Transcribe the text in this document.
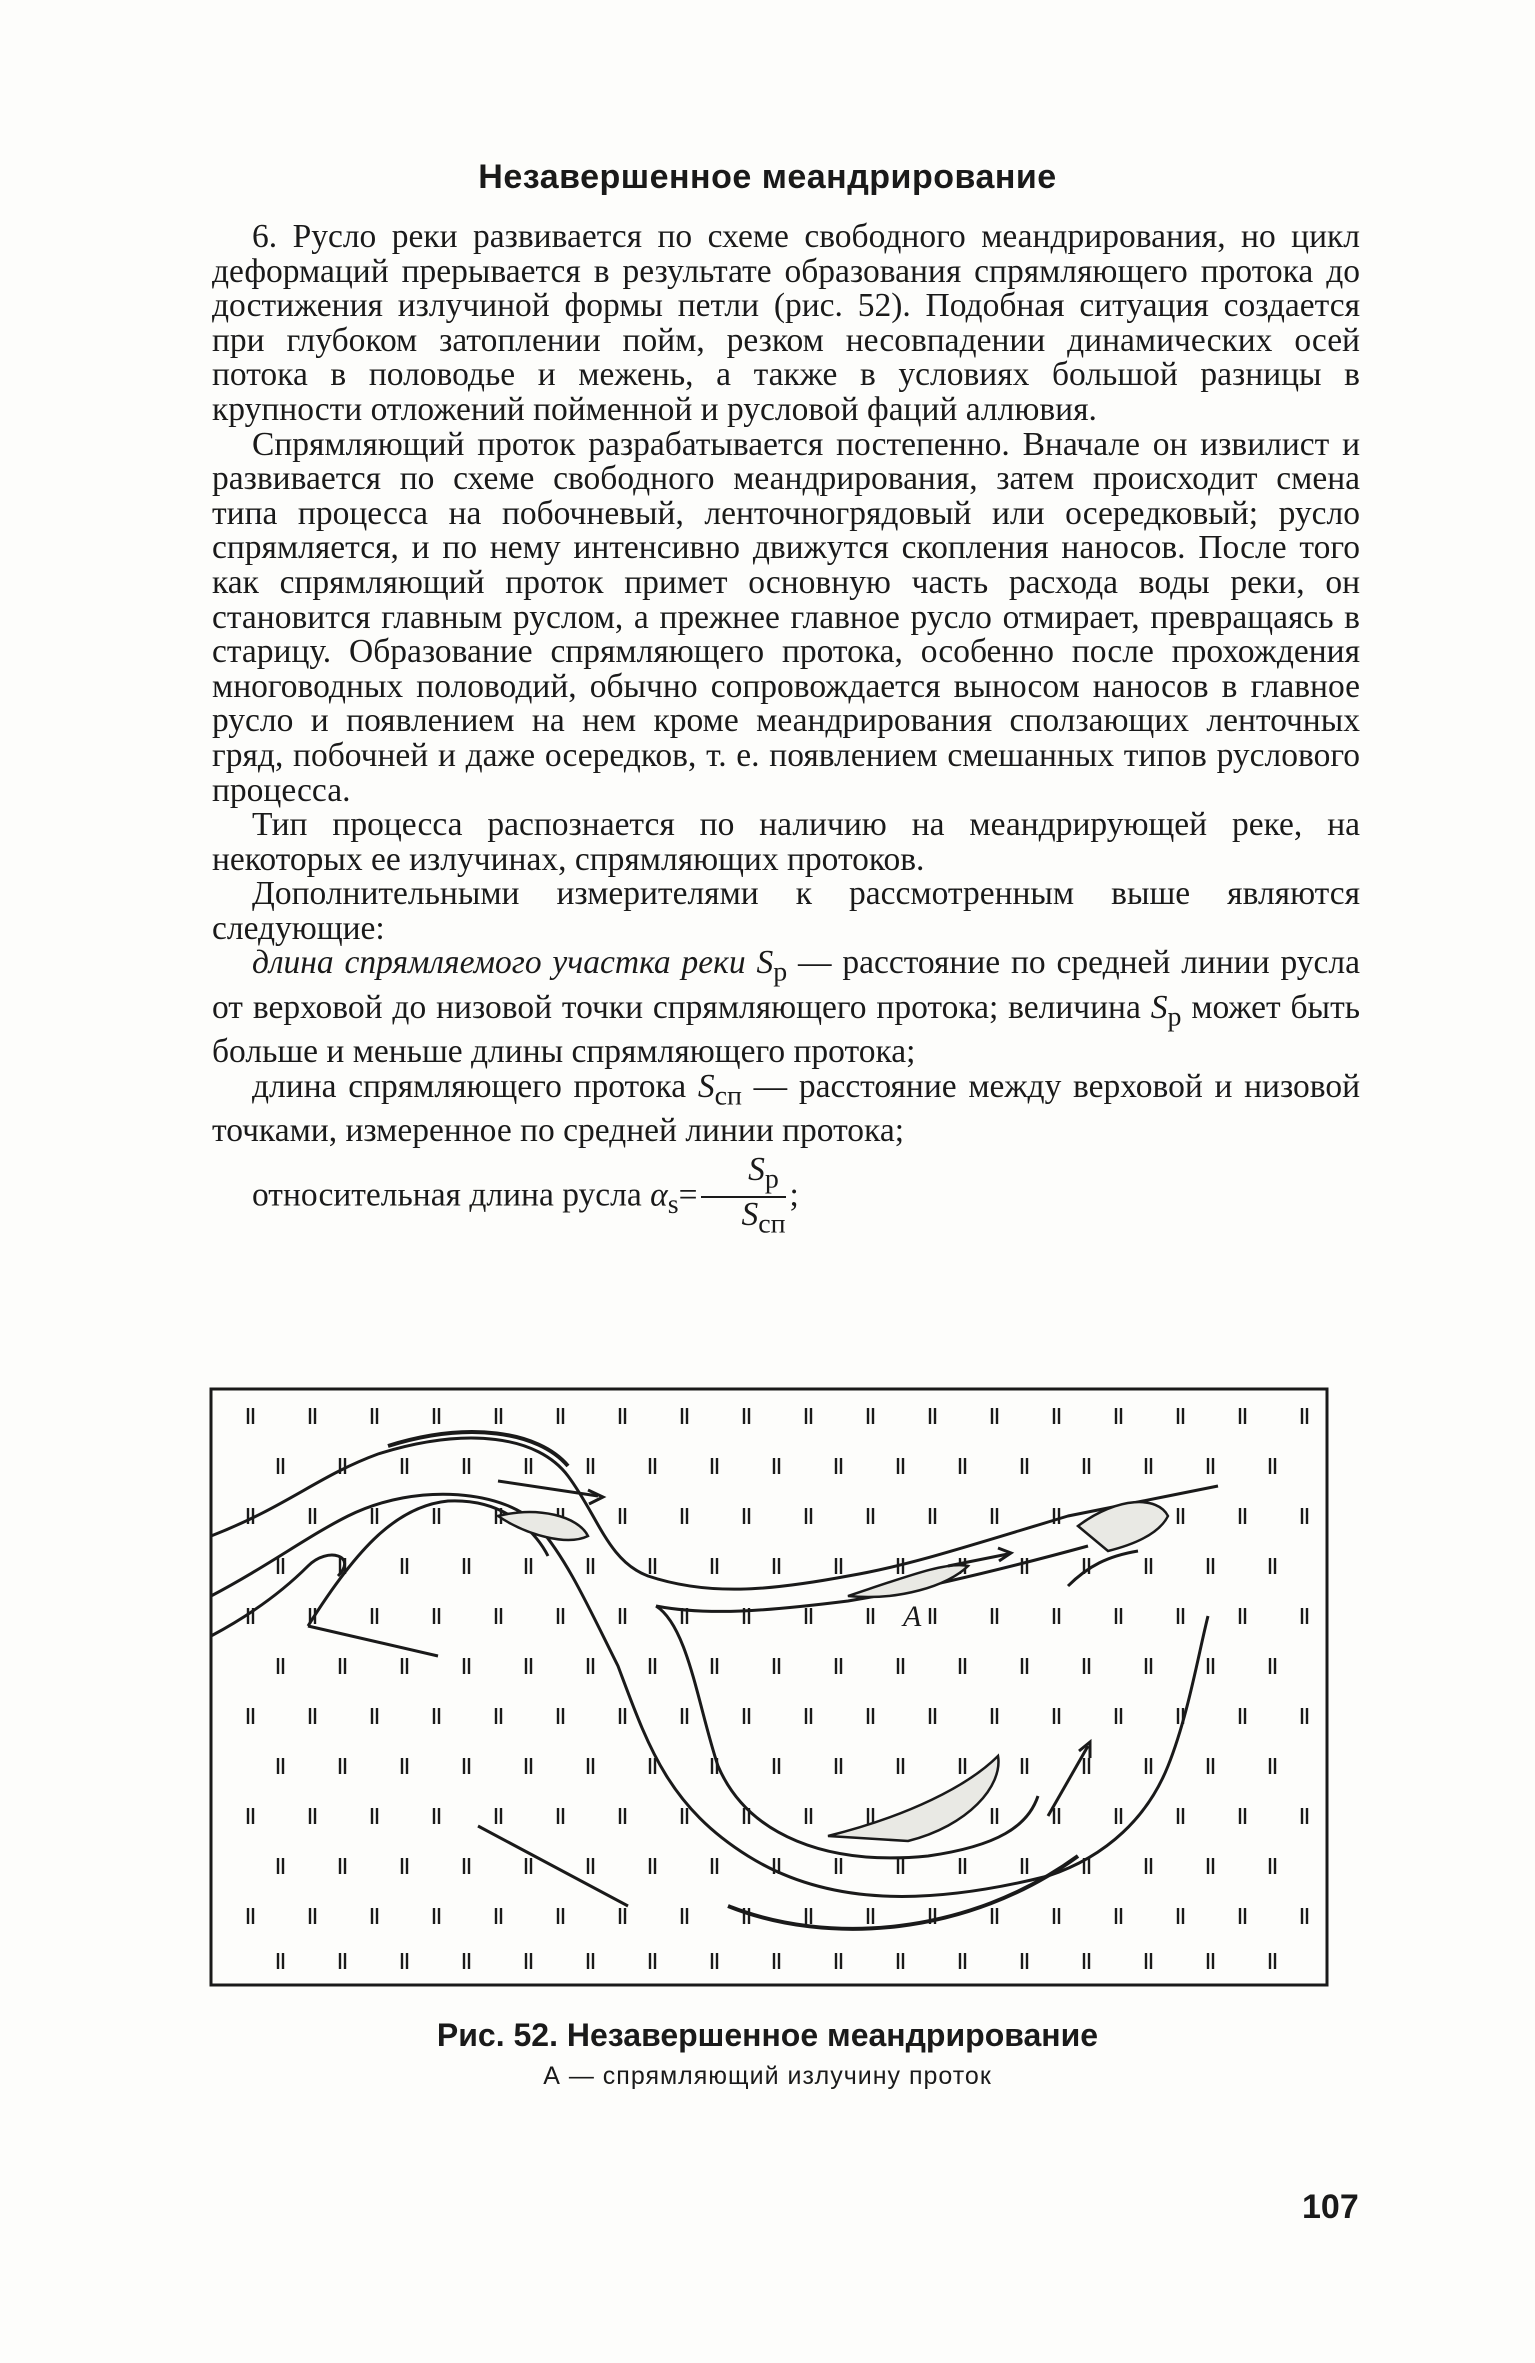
Незавершенное меандрирование

6. Русло реки развивается по схеме свободного меандрирования, но цикл деформаций прерывается в результате образования спрямляющего протока до достижения излучиной формы петли (рис. 52). Подобная ситуация создается при глубоком затоплении пойм, резком несовпадении динамических осей потока в половодье и межень, а также в условиях большой разницы в крупности отложений пойменной и русловой фаций аллювия.

Спрямляющий проток разрабатывается постепенно. Вначале он извилист и развивается по схеме свободного меандрирования, затем происходит смена типа процесса на побочневый, ленточногрядовый или осередковый; русло спрямляется, и по нему интенсивно движутся скопления наносов. После того как спрямляющий проток примет основную часть расхода воды реки, он становится главным руслом, а прежнее главное русло отмирает, превращаясь в старицу. Образование спрямляющего протока, особенно после прохождения многоводных половодий, обычно сопровождается выносом наносов в главное русло и появлением на нем кроме меандрирования сползающих ленточных гряд, побочней и даже осередков, т. е. появлением смешанных типов руслового процесса.

Тип процесса распознается по наличию на меандрирующей реке, на некоторых ее излучинах, спрямляющих протоков.

Дополнительными измерителями к рассмотренным выше являются следующие:

длина спрямляемого участка реки $S_р$ — расстояние по средней линии русла от верховой до низовой точки спрямляющего протока; величина $S_р$ может быть больше и меньше длины спрямляющего протока;

длина спрямляющего протока $S_{сп}$ — расстояние между верховой и низовой точками, измеренное по средней линии протока;

относительная длина русла $\alpha_s= \frac{S_р}{S_{сп}}$ ;

A
Рис. 52. Незавершенное меандрирование
А — спрямляющий излучину проток
107
